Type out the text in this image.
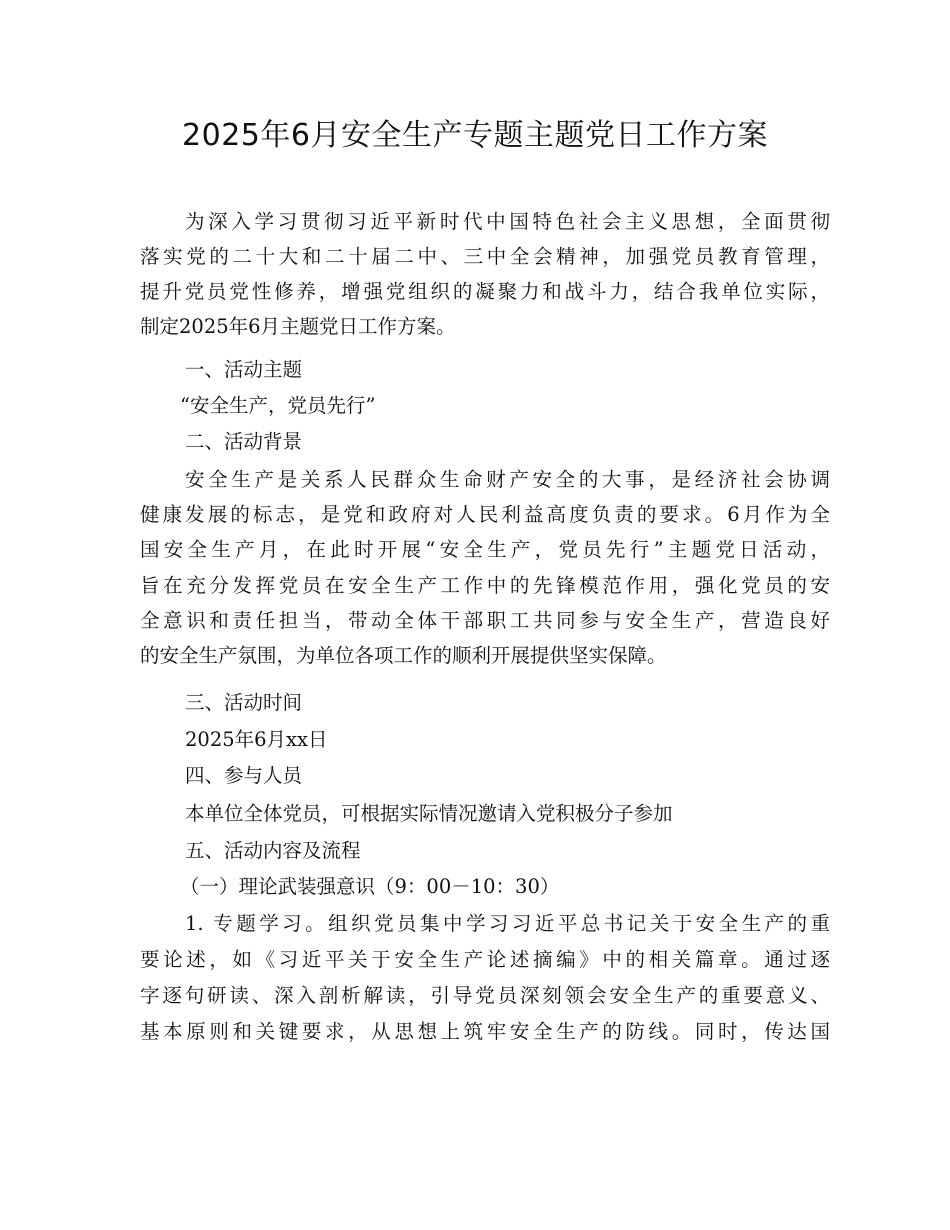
2025年6月安全生产专题主题党日工作方案
为深入学习贯彻习近平新时代中国特色社会主义思想，全面贯彻
落实党的二十大和二十届二中、三中全会精神，加强党员教育管理，
提升党员党性修养，增强党组织的凝聚力和战斗力，结合我单位实际，
制定2025年6月主题党日工作方案。
一、活动主题
“安全生产，党员先行”
二、活动背景
安全生产是关系人民群众生命财产安全的大事，是经济社会协调
健康发展的标志，是党和政府对人民利益高度负责的要求。6月作为全
国安全生产月，在此时开展“安全生产，党员先行”主题党日活动，
旨在充分发挥党员在安全生产工作中的先锋模范作用，强化党员的安
全意识和责任担当，带动全体干部职工共同参与安全生产，营造良好
的安全生产氛围，为单位各项工作的顺利开展提供坚实保障。
三、活动时间
2025年6月xx日
四、参与人员
本单位全体党员，可根据实际情况邀请入党积极分子参加
五、活动内容及流程
（一）理论武装强意识（9：00－10：30）
1. 专题学习。组织党员集中学习习近平总书记关于安全生产的重
要论述，如《习近平关于安全生产论述摘编》中的相关篇章。通过逐
字逐句研读、深入剖析解读，引导党员深刻领会安全生产的重要意义、
基本原则和关键要求，从思想上筑牢安全生产的防线。同时，传达国
